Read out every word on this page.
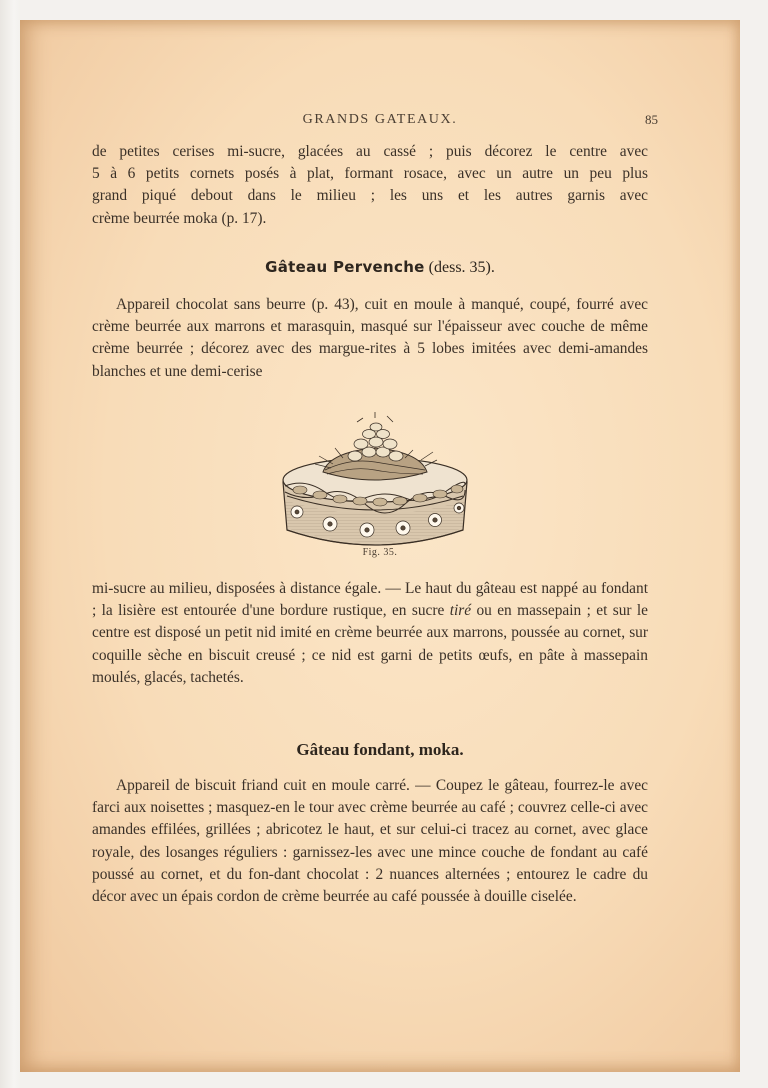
GRANDS GATEAUX.	85

de petites cerises mi-sucre, glacées au cassé ; puis décorez le centre avec

5 à 6 petits cornets posés à plat, formant rosace, avec un autre un peu plus

grand piqué debout dans le milieu ; les uns et les autres garnis avec

crème beurrée moka (p. 17).

Gâteau Pervenche (dess. 35).

Appareil chocolat sans beurre (p. 43), cuit en moule à manqué, coupé, fourré avec crème beurrée aux marrons et marasquin, masqué sur l'épaisseur avec couche de même crème beurrée ; décorez avec des margue-rites à 5 lobes imitées avec demi-amandes blanches et une demi-cerise

Fig. 35.

mi-sucre au milieu, disposées à distance égale. — Le haut du gâteau est nappé au fondant ; la lisière est entourée d'une bordure rustique, en sucre tiré ou en massepain ; et sur le centre est disposé un petit nid imité en crème beurrée aux marrons, poussée au cornet, sur coquille sèche en biscuit creusé ; ce nid est garni de petits œufs, en pâte à massepain moulés, glacés, tachetés.

Gâteau fondant, moka.

Appareil de biscuit friand cuit en moule carré. — Coupez le gâteau, fourrez-le avec farci aux noisettes ; masquez-en le tour avec crème beurrée au café ; couvrez celle-ci avec amandes effilées, grillées ; abricotez le haut, et sur celui-ci tracez au cornet, avec glace royale, des losanges réguliers : garnissez-les avec une mince couche de fondant au café poussé au cornet, et du fon-dant chocolat : 2 nuances alternées ; entourez le cadre du décor avec un épais cordon de crème beurrée au café poussée à douille ciselée.
